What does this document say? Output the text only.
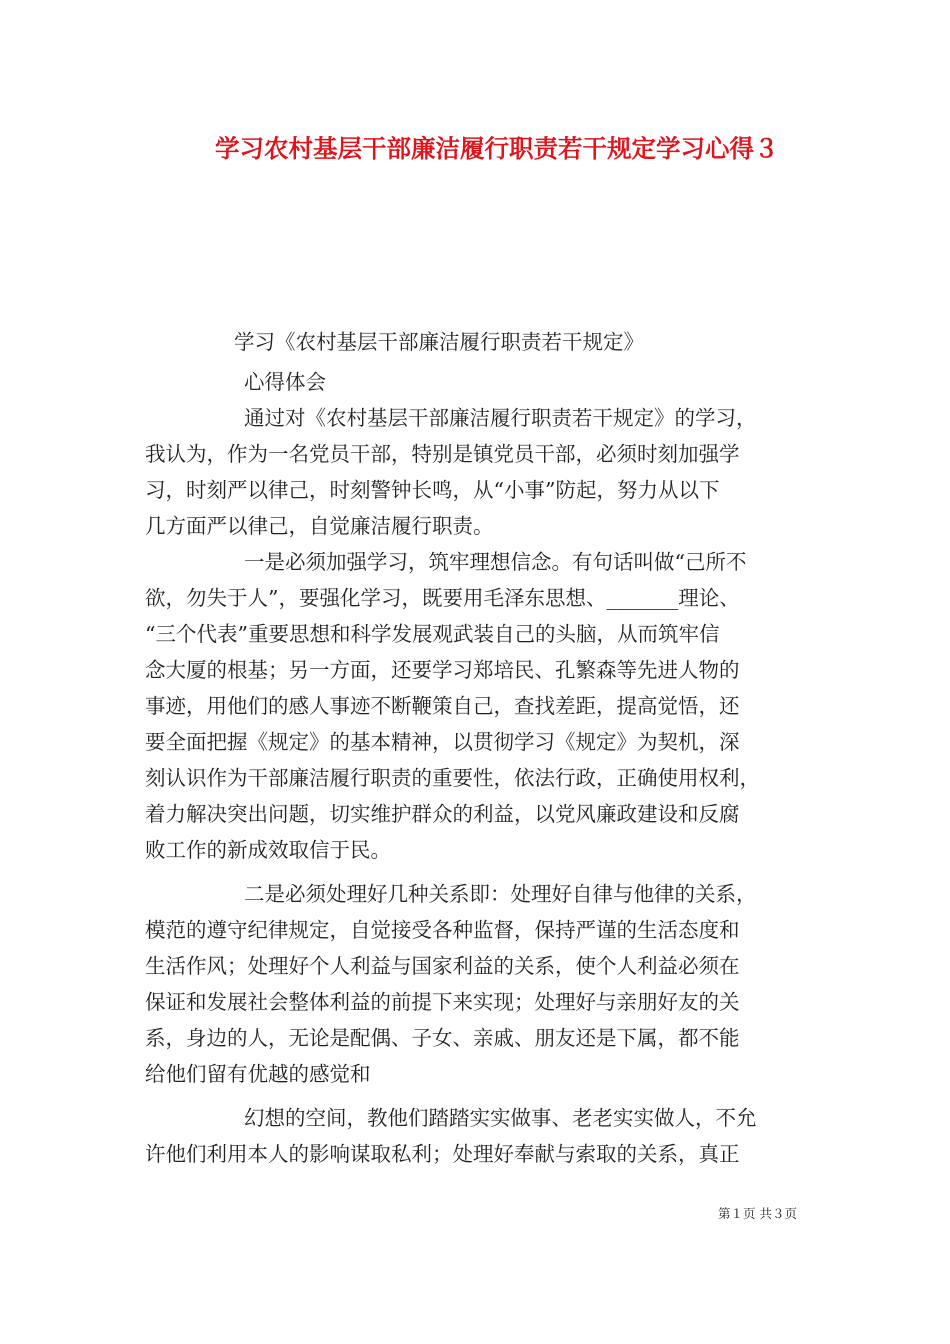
学习农村基层干部廉洁履行职责若干规定学习心得３
学习《农村基层干部廉洁履行职责若干规定》
心得体会
通过对《农村基层干部廉洁履行职责若干规定》的学习，
我认为，作为一名党员干部，特别是镇党员干部，必须时刻加强学
习，时刻严以律己，时刻警钟长鸣，从“小事”防起，努力从以下
几方面严以律己，自觉廉洁履行职责。
一是必须加强学习，筑牢理想信念。有句话叫做“己所不
欲，勿失于人”，要强化学习，既要用毛泽东思想、_______理论、
“三个代表”重要思想和科学发展观武装自己的头脑，从而筑牢信
念大厦的根基；另一方面，还要学习郑培民、孔繁森等先进人物的
事迹，用他们的感人事迹不断鞭策自己，查找差距，提高觉悟，还
要全面把握《规定》的基本精神，以贯彻学习《规定》为契机，深
刻认识作为干部廉洁履行职责的重要性，依法行政，正确使用权利，
着力解决突出问题，切实维护群众的利益，以党风廉政建设和反腐
败工作的新成效取信于民。
二是必须处理好几种关系即：处理好自律与他律的关系，
模范的遵守纪律规定，自觉接受各种监督，保持严谨的生活态度和
生活作风；处理好个人利益与国家利益的关系，使个人利益必须在
保证和发展社会整体利益的前提下来实现；处理好与亲朋好友的关
系，身边的人，无论是配偶、子女、亲戚、朋友还是下属，都不能
给他们留有优越的感觉和
幻想的空间，教他们踏踏实实做事、老老实实做人，不允
许他们利用本人的影响谋取私利；处理好奉献与索取的关系，真正
第１页 共３页
